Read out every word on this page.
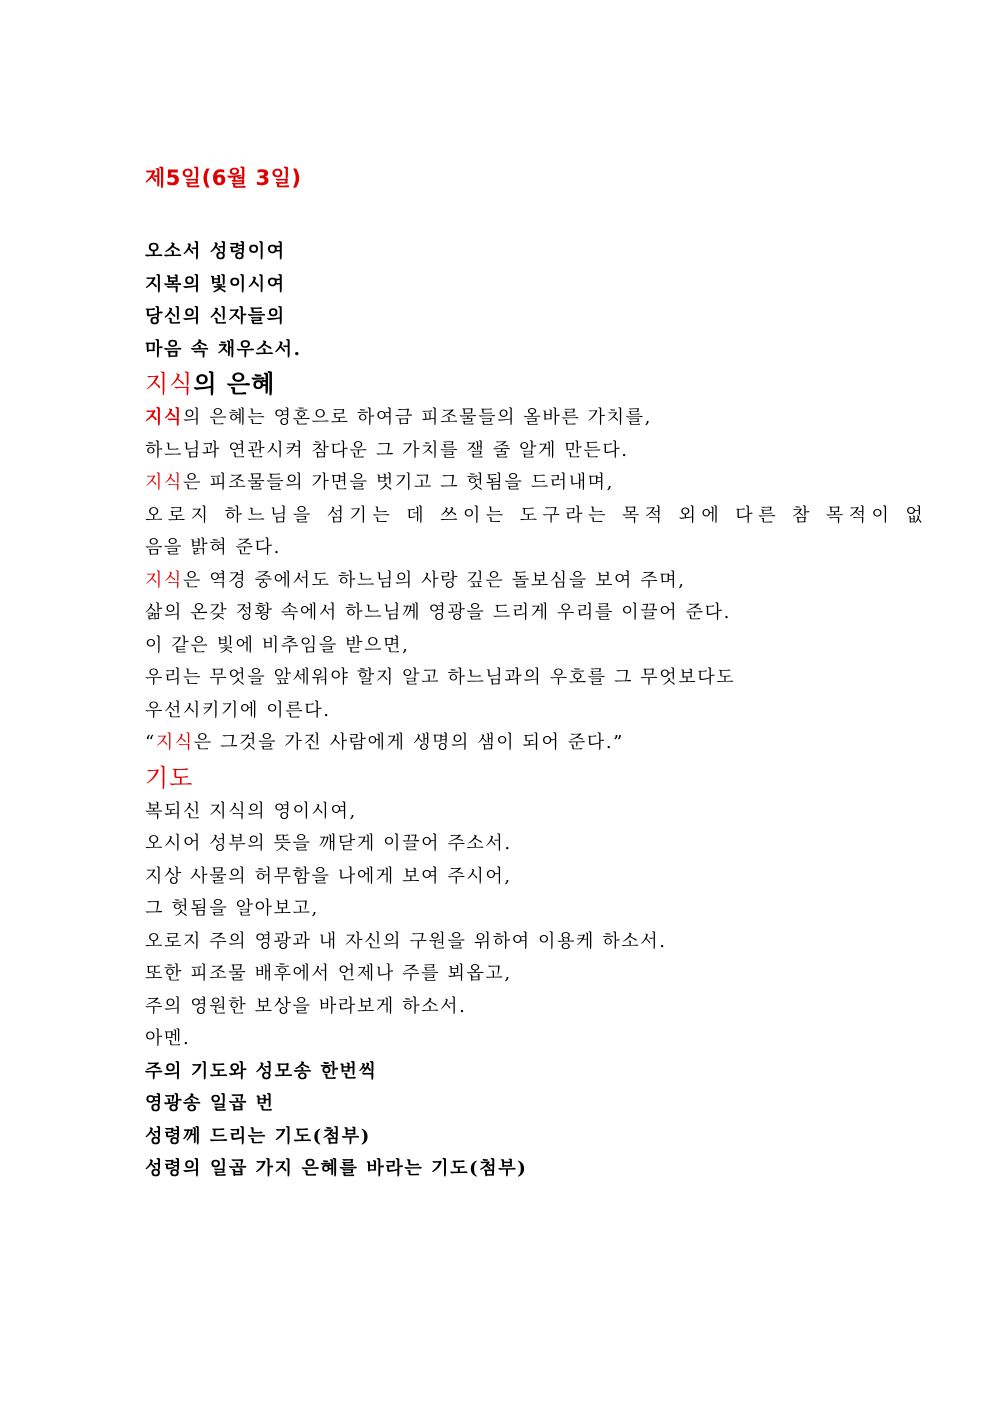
제5일(6월 3일)
오소서 성령이여
지복의 빛이시여
당신의 신자들의
마음 속 채우소서.
지식의 은혜
지식의 은혜는 영혼으로 하여금 피조물들의 올바른 가치를,
하느님과 연관시켜 참다운 그 가치를 잴 줄 알게 만든다.
지식은 피조물들의 가면을 벗기고 그 헛됨을 드러내며,
오로지 하느님을 섬기는 데 쓰이는 도구라는 목적 외에 다른 참 목적이 없
음을 밝혀 준다.
지식은 역경 중에서도 하느님의 사랑 깊은 돌보심을 보여 주며,
삶의 온갖 정황 속에서 하느님께 영광을 드리게 우리를 이끌어 준다.
이 같은 빛에 비추임을 받으면,
우리는 무엇을 앞세워야 할지 알고 하느님과의 우호를 그 무엇보다도
우선시키기에 이른다.
“지식은 그것을 가진 사람에게 생명의 샘이 되어 준다.”
기도
복되신 지식의 영이시여,
오시어 성부의 뜻을 깨닫게 이끌어 주소서.
지상 사물의 허무함을 나에게 보여 주시어,
그 헛됨을 알아보고,
오로지 주의 영광과 내 자신의 구원을 위하여 이용케 하소서.
또한 피조물 배후에서 언제나 주를 뵈옵고,
주의 영원한 보상을 바라보게 하소서.
아멘.
주의 기도와 성모송 한번씩
영광송 일곱 번
성령께 드리는 기도(첨부)
성령의 일곱 가지 은혜를 바라는 기도(첨부)
